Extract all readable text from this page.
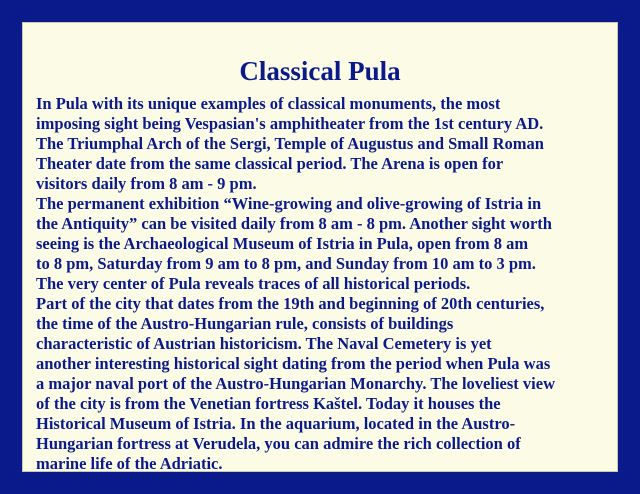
Classical Pula
In Pula with its unique examples of classical monuments, the most
imposing sight being Vespasian's amphitheater from the 1st century AD.
The Triumphal Arch of the Sergi, Temple of Augustus and Small Roman
Theater date from the same classical period. The Arena is open for
visitors daily from 8 am - 9 pm.
The permanent exhibition “Wine-growing and olive-growing of Istria in
the Antiquity” can be visited daily from 8 am - 8 pm. Another sight worth
seeing is the Archaeological Museum of Istria in Pula, open from 8 am
to 8 pm, Saturday from 9 am to 8 pm, and Sunday from 10 am to 3 pm.
The very center of Pula reveals traces of all historical periods.
Part of the city that dates from the 19th and beginning of 20th centuries,
the time of the Austro-Hungarian rule, consists of buildings
characteristic of Austrian historicism. The Naval Cemetery is yet
another interesting historical sight dating from the period when Pula was
a major naval port of the Austro-Hungarian Monarchy. The loveliest view
of the city is from the Venetian fortress Kaštel. Today it houses the
Historical Museum of Istria. In the aquarium, located in the Austro-
Hungarian fortress at Verudela, you can admire the rich collection of
marine life of the Adriatic.
